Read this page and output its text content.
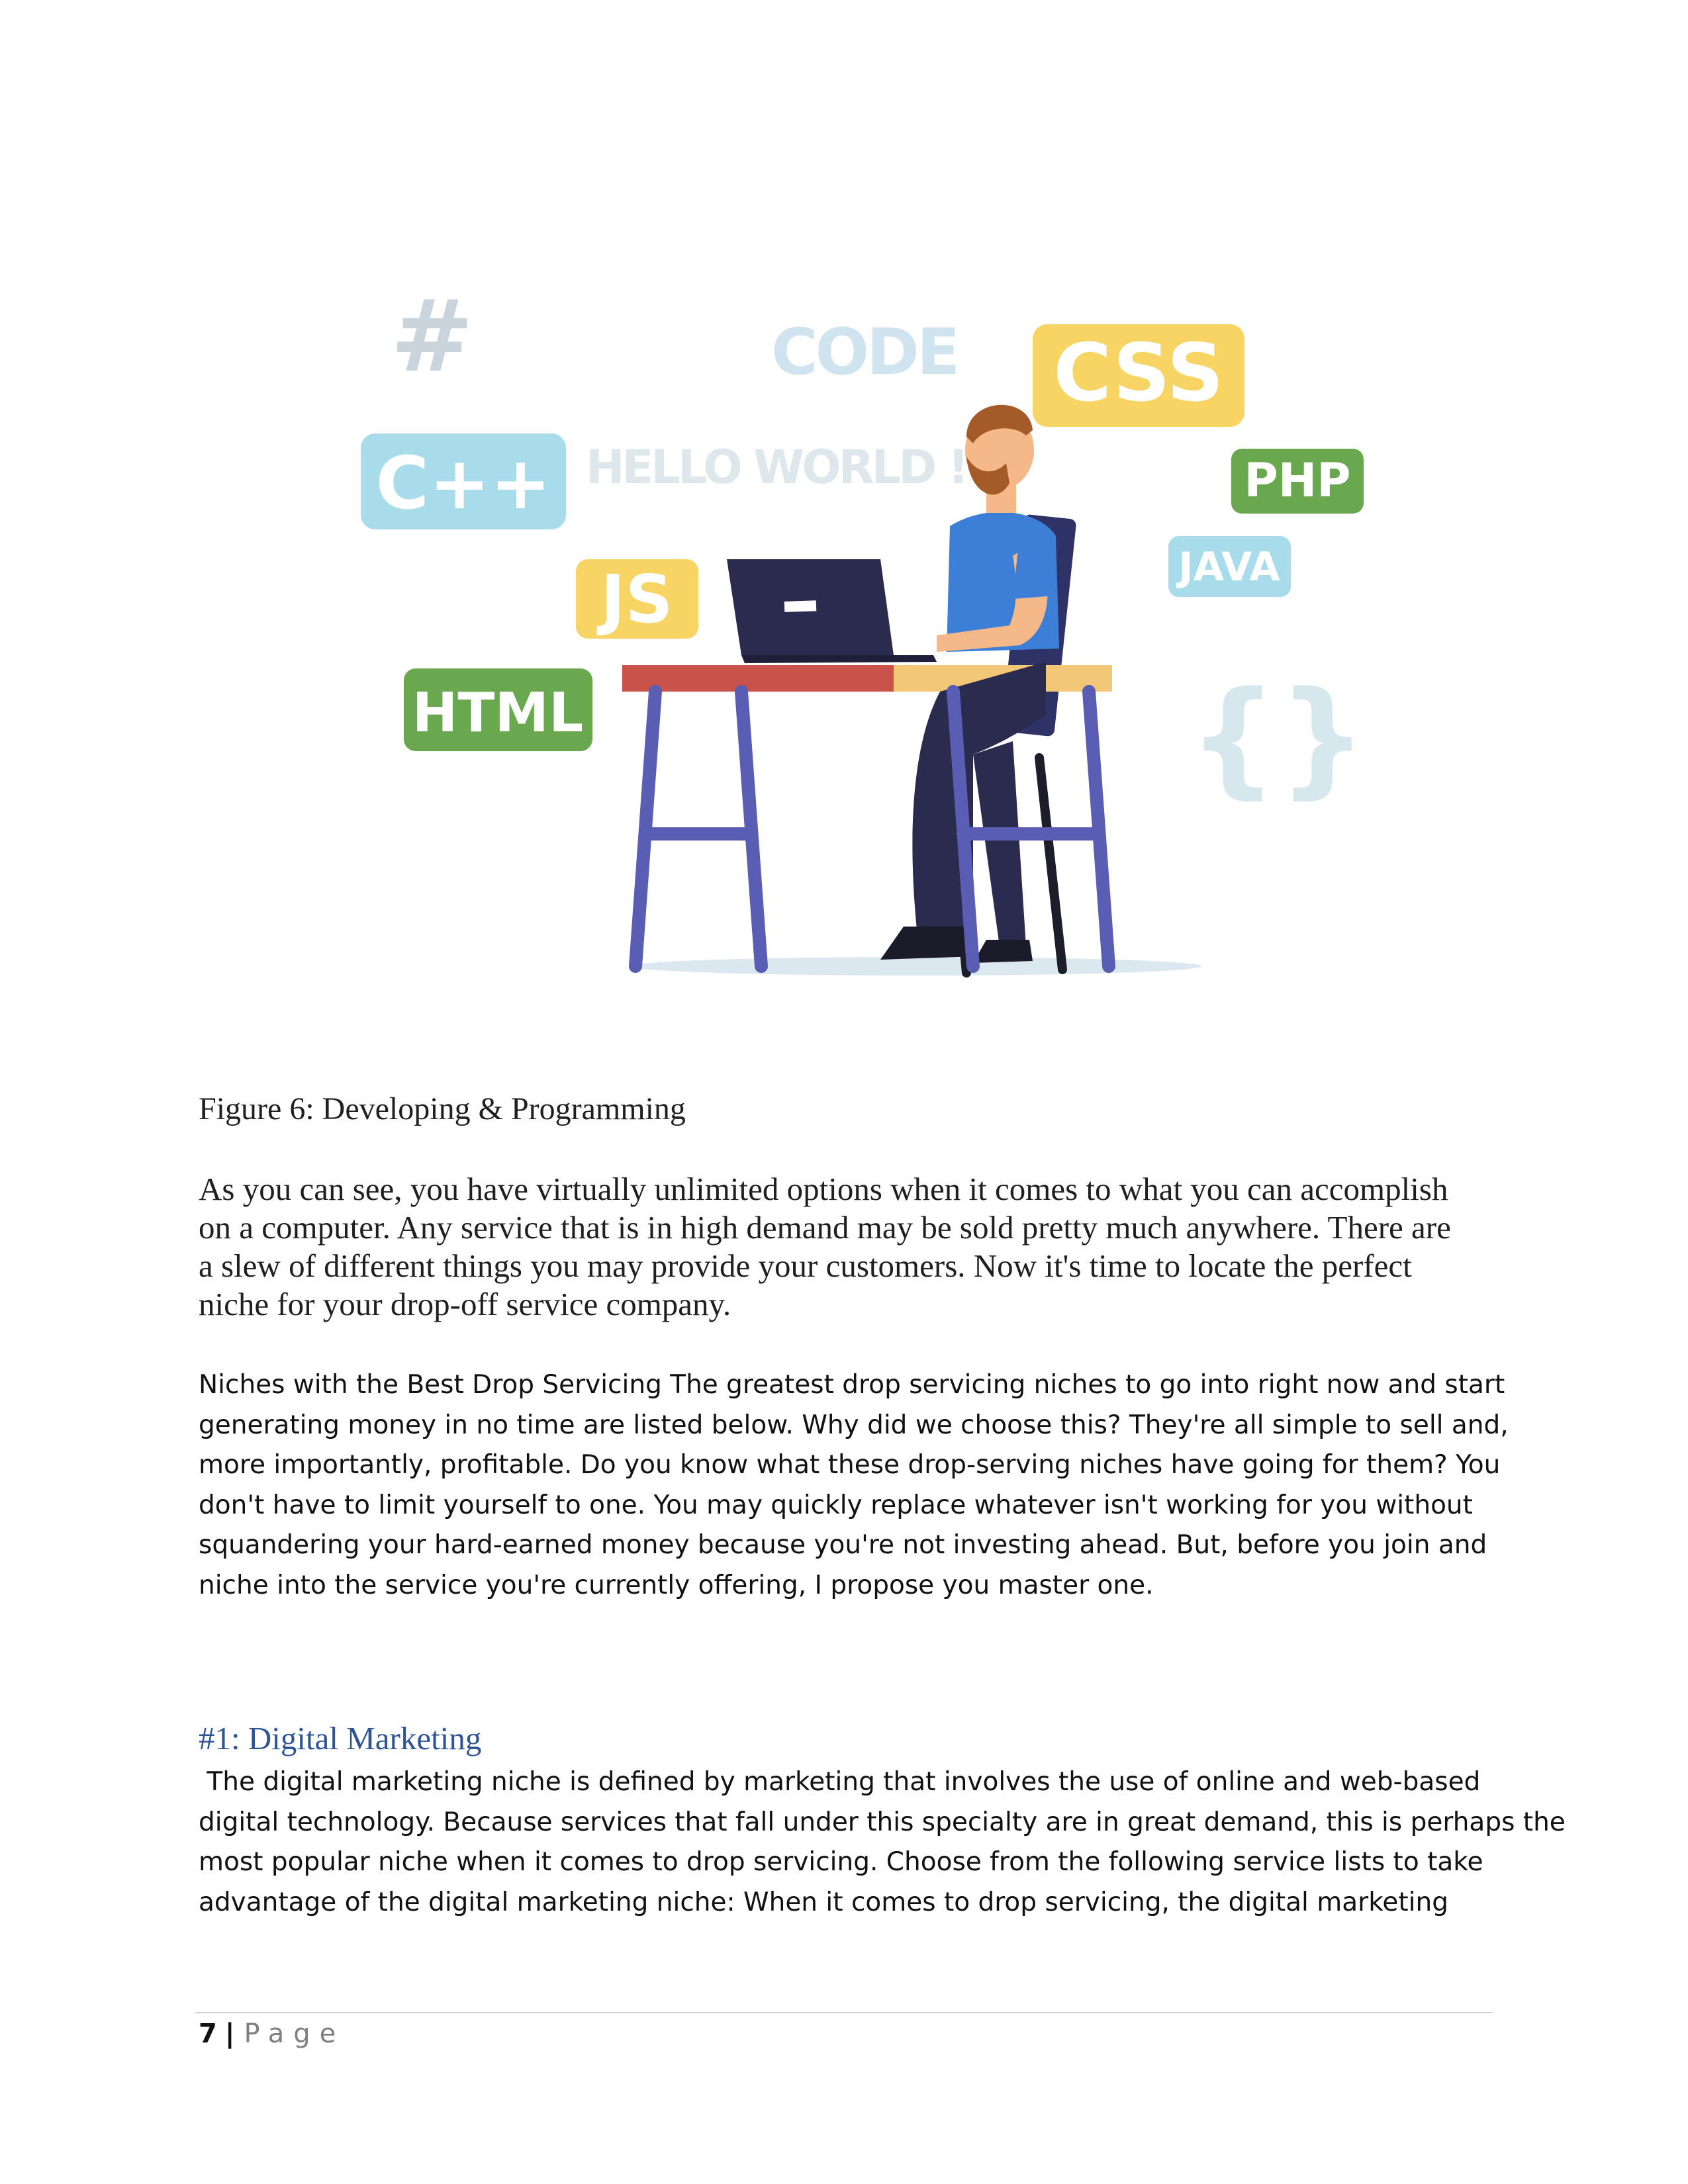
#	CODE CSS
C++ HELLO WORLD !	PHP
JAVA
JS
HTML	{}
Figure 6: Developing & Programming
As you can see, you have virtually unlimited options when it comes to what you can accomplish
on a computer. Any service that is in high demand may be sold pretty much anywhere. There are
a slew of different things you may provide your customers. Now it's time to locate the perfect
niche for your drop-off service company.
Niches with the Best Drop Servicing The greatest drop servicing niches to go into right now and start
generating money in no time are listed below. Why did we choose this? They're all simple to sell and,
more importantly, profitable. Do you know what these drop-serving niches have going for them? You
don't have to limit yourself to one. You may quickly replace whatever isn't working for you without
squandering your hard-earned money because you're not investing ahead. But, before you join and
niche into the service you're currently offering, I propose you master one.
#1: Digital Marketing
The digital marketing niche is defined by marketing that involves the use of online and web-based
digital technology. Because services that fall under this specialty are in great demand, this is perhaps the
most popular niche when it comes to drop servicing. Choose from the following service lists to take
advantage of the digital marketing niche: When it comes to drop servicing, the digital marketing
7 | Page
